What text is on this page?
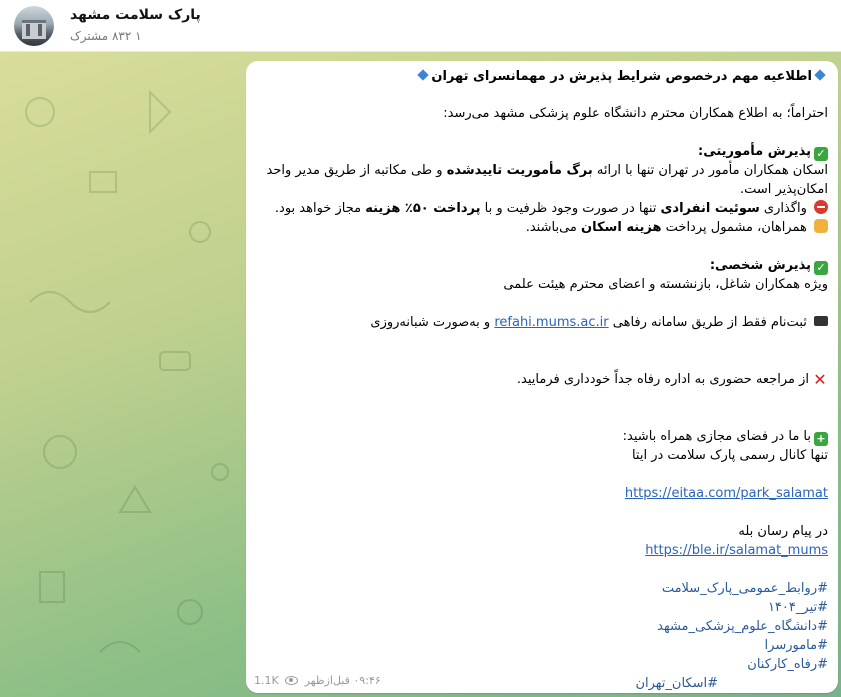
پارک سلامت مشهد
۱ ۸۳۲ مشترک
اطلاعیه مهم درخصوص شرایط پذیرش در مهمانسرای تهران
احتراماً؛ به اطلاع همکاران محترم دانشگاه علوم پزشکی مشهد می‌رسد:
✓پذیرش مأموریتی:
اسکان همکاران مأمور در تهران تنها با ارائه برگ مأموریت تاییدشده و طی مکاتبه از طریق مدیر واحد
امکان‌پذیر است.
واگذاری سوئیت انفرادی تنها در صورت وجود ظرفیت و با پرداخت ۵۰٪ هزینه مجاز خواهد بود.
همراهان، مشمول پرداخت هزینه اسکان می‌باشند.
✓پذیرش شخصی:
ویژه همکاران شاغل، بازنشسته و اعضای محترم هیئت علمی
ثبت‌نام فقط از طریق سامانه رفاهی refahi.mums.ac.ir و به‌صورت شبانه‌روزی
✕از مراجعه حضوری به اداره رفاه جداً خودداری فرمایید.
+با ما در فضای مجازی همراه باشید:
تنها کانال رسمی پارک سلامت در ایتا
https://eitaa.com/park_salamat
در پیام رسان بله
https://ble.ir/salamat_mums
#روابط_عمومی_پارک_سلامت
#تیر_۱۴۰۴
#دانشگاه_علوم_پزشکی_مشهد
#مامورسرا
#رفاه_کارکنان
#اسکان_تهران
۰۹:۴۶ قبل‌ازظهر  1.1K
